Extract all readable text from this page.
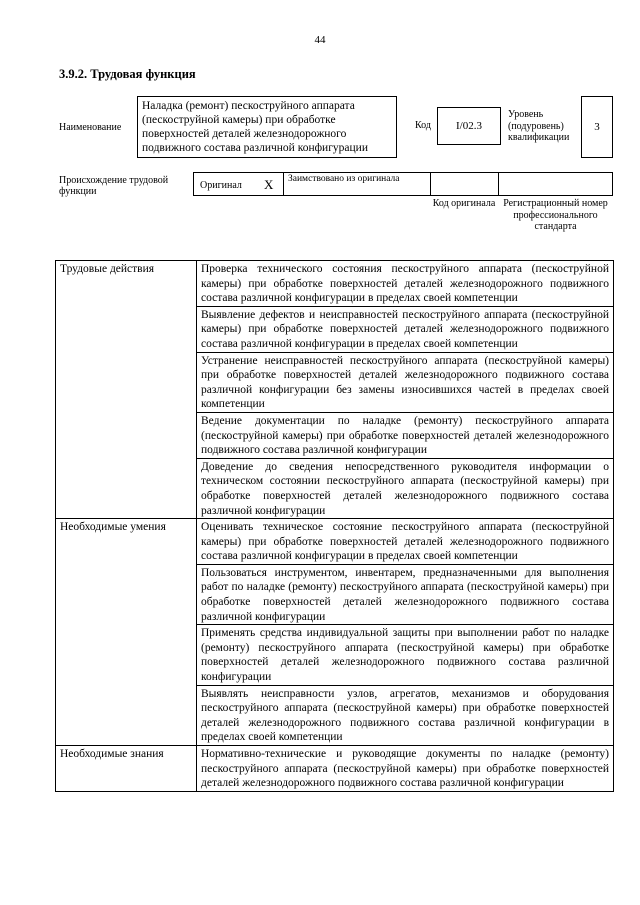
44
3.9.2. Трудовая функция
Наименование
Наладка (ремонт) пескоструйного аппарата (пескоструйной камеры) при обработке поверхностей деталей железнодорожного подвижного состава различной конфигурации
Код	I/02.3
Уровень (подуровень) квалификации
3
Происхождение трудовой функции
Оригинал X	Заимствовано из оригинала
Код оригинала Регистрационный номер профессионального стандарта
Трудовые действия	Проверка технического состояния пескоструйного аппарата (пескоструйной камеры) при обработке поверхностей деталей железнодорожного подвижного состава различной конфигурации в пределах своей компетенции
	Выявление дефектов и неисправностей пескоструйного аппарата (пескоструйной камеры) при обработке поверхностей деталей железнодорожного подвижного состава различной конфигурации в пределах своей компетенции
	Устранение неисправностей пескоструйного аппарата (пескоструйной камеры) при обработке поверхностей деталей железнодорожного подвижного состава различной конфигурации без замены износившихся частей в пределах своей компетенции
	Ведение документации по наладке (ремонту) пескоструйного аппарата (пескоструйной камеры) при обработке поверхностей деталей железнодорожного подвижного состава различной конфигурации
	Доведение до сведения непосредственного руководителя информации о техническом состоянии пескоструйного аппарата (пескоструйной камеры) при обработке поверхностей деталей железнодорожного подвижного состава различной конфигурации
Необходимые умения	Оценивать техническое состояние пескоструйного аппарата (пескоструйной камеры) при обработке поверхностей деталей железнодорожного подвижного состава различной конфигурации в пределах своей компетенции
	Пользоваться инструментом, инвентарем, предназначенными для выполнения работ по наладке (ремонту) пескоструйного аппарата (пескоструйной камеры) при обработке поверхностей деталей железнодорожного подвижного состава различной конфигурации
	Применять средства индивидуальной защиты при выполнении работ по наладке (ремонту) пескоструйного аппарата (пескоструйной камеры) при обработке поверхностей деталей железнодорожного подвижного состава различной конфигурации
	Выявлять неисправности узлов, агрегатов, механизмов и оборудования пескоструйного аппарата (пескоструйной камеры) при обработке поверхностей деталей железнодорожного подвижного состава различной конфигурации в пределах своей компетенции
Необходимые знания	Нормативно-технические и руководящие документы по наладке (ремонту) пескоструйного аппарата (пескоструйной камеры) при обработке поверхностей деталей железнодорожного подвижного состава различной конфигурации
